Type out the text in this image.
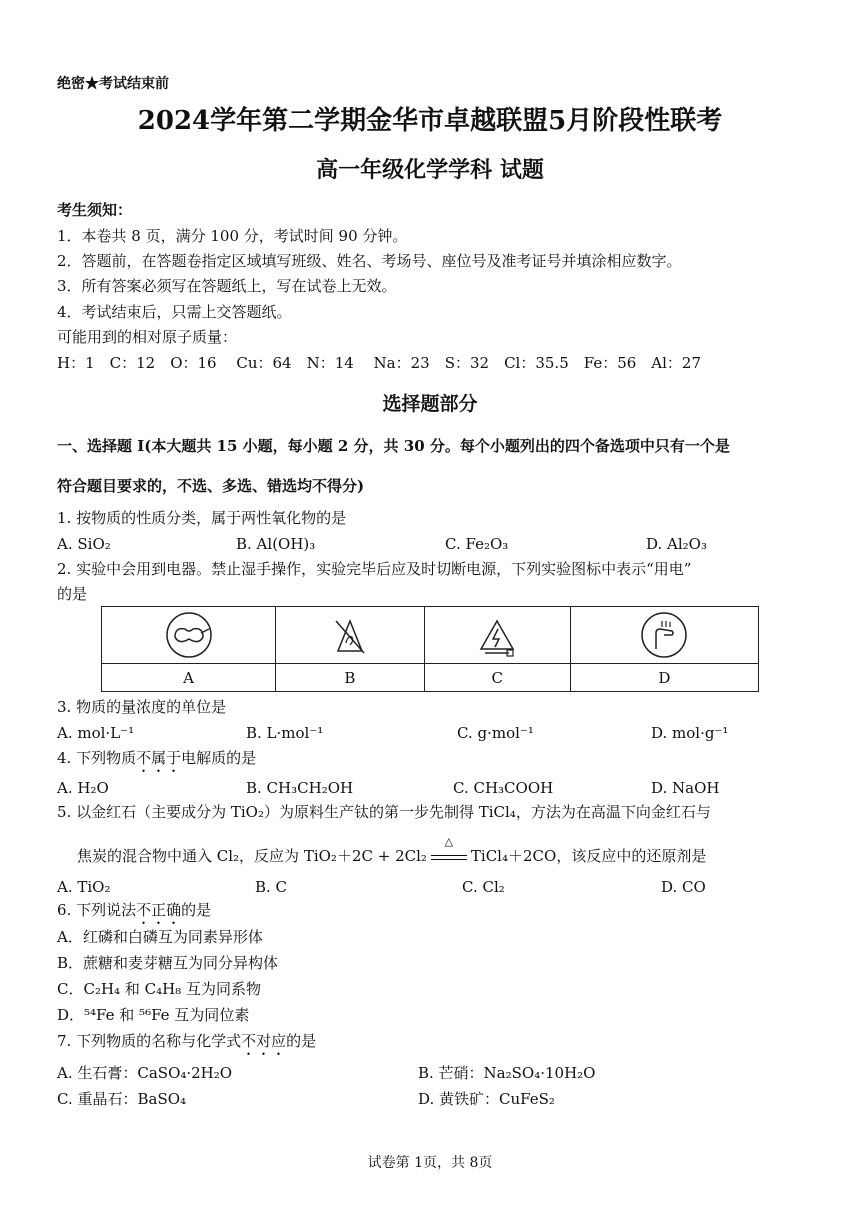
绝密★考试结束前
2024学年第二学期金华市卓越联盟5月阶段性联考
高一年级化学学科 试题
考生须知：
1．本卷共 8 页，满分 100 分，考试时间 90 分钟。
2．答题前，在答题卷指定区域填写班级、姓名、考场号、座位号及准考证号并填涂相应数字。
3．所有答案必须写在答题纸上，写在试卷上无效。
4．考试结束后，只需上交答题纸。
可能用到的相对原子质量：
H：1　C：12　O：16　 Cu：64　N：14　 Na：23　S：32　Cl：35.5　Fe：56　Al：27
选择题部分
一、选择题 I(本大题共 15 小题，每小题 2 分，共 30 分。每个小题列出的四个备选项中只有一个是
符合题目要求的，不选、多选、错选均不得分)
1. 按物质的性质分类，属于两性氧化物的是
A. SiO₂	B. Al(OH)₃	C. Fe₂O₃	D. Al₂O₃
2. 实验中会用到电器。禁止湿手操作，实验完毕后应及时切断电源，下列实验图标中表示“用电”
的是

A	B	C	D
3. 物质的量浓度的单位是
A. mol·L⁻¹	B. L·mol⁻¹	C. g·mol⁻¹	D. mol·g⁻¹
4. 下列物质不属于电解质的是
A. H₂O	B. CH₃CH₂OH	C. CH₃COOH	D. NaOH
5. 以金红石（主要成分为 TiO₂）为原料生产钛的第一步先制得 TiCl₄，方法为在高温下向金红石与
焦炭的混合物中通入 Cl₂，反应为 TiO₂＋2C + 2Cl₂
△
TiCl₄＋2CO，该反应中的还原剂是
A. TiO₂	B. C	C. Cl₂	D. CO
6. 下列说法不正确的是
A．红磷和白磷互为同素异形体
B．蔗糖和麦芽糖互为同分异构体
C．C₂H₄ 和 C₄H₈ 互为同系物
D．⁵⁴Fe 和 ⁵⁶Fe 互为同位素
7. 下列物质的名称与化学式不对应的是
A. 生石膏：CaSO₄·2H₂O	B. 芒硝：Na₂SO₄·10H₂O
C. 重晶石：BaSO₄	D. 黄铁矿：CuFeS₂
试卷第 1页，共 8页
